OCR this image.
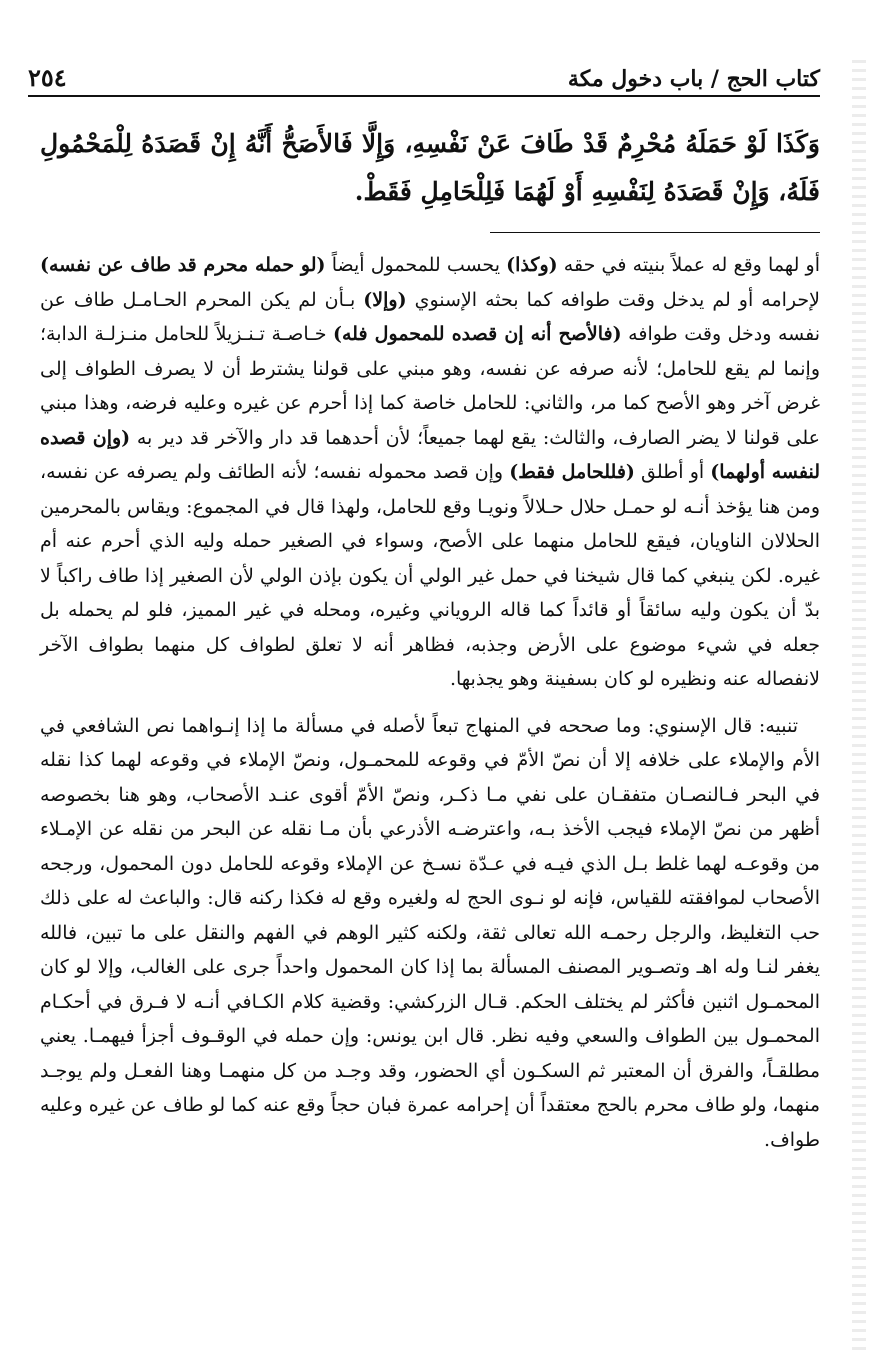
كتاب الحج / باب دخول مكة
٢٥٤
وَكَذَا لَوْ حَمَلَهُ مُحْرِمٌ قَدْ طَافَ عَنْ نَفْسِهِ، وَإِلَّا فَالأَصَحُّ أَنَّهُ إِنْ قَصَدَهُ لِلْمَحْمُولِ فَلَهُ، وَإِنْ قَصَدَهُ لِنَفْسِهِ أَوْ لَهُمَا فَلِلْحَامِلِ فَقَطْ.

أو لهما وقع له عملاً بنيته في حقه (وكذا) يحسب للمحمول أيضاً (لو حمله محرم قد طاف عن نفسه) لإحرامه أو لم يدخل وقت طوافه كما بحثه الإسنوي (وإلا) بـأن لم يكن المحرم الحـامـل طاف عن نفسه ودخل وقت طوافه (فالأصح أنه إن قصده للمحمول فله) خـاصـة تـنـزيلاً للحامل منـزلـة الدابة؛ وإنما لم يقع للحامل؛ لأنه صرفه عن نفسه، وهو مبني على قولنا يشترط أن لا يصرف الطواف إلى غرض آخر وهو الأصح كما مر، والثاني: للحامل خاصة كما إذا أحرم عن غيره وعليه فرضه، وهذا مبني على قولنا لا يضر الصارف، والثالث: يقع لهما جميعاً؛ لأن أحدهما قد دار والآخر قد دير به (وإن قصده لنفسه أولهما) أو أطلق (فللحامل فقط) وإن قصد محموله نفسه؛ لأنه الطائف ولم يصرفه عن نفسه، ومن هنا يؤخذ أنـه لو حمـل حلال حـلالاً ونويـا وقع للحامل، ولهذا قال في المجموع: ويقاس بالمحرمين الحلالان الناويان، فيقع للحامل منهما على الأصح، وسواء في الصغير حمله وليه الذي أحرم عنه أم غيره. لكن ينبغي كما قال شيخنا في حمل غير الولي أن يكون بإذن الولي لأن الصغير إذا طاف راكباً لا بدّ أن يكون وليه سائقاً أو قائداً كما قاله الروياني وغيره، ومحله في غير المميز، فلو لم يحمله بل جعله في شيء موضوع على الأرض وجذبه، فظاهر أنه لا تعلق لطواف كل منهما بطواف الآخر لانفصاله عنه ونظيره لو كان بسفينة وهو يجذبها.

تنبيه: قال الإسنوي: وما صححه في المنهاج تبعاً لأصله في مسألة ما إذا إنـواهما نص الشافعي في الأم والإملاء على خلافه إلا أن نصّ الأمّ في وقوعه للمحمـول، ونصّ الإملاء في وقوعه لهما كذا نقله في البحر فـالنصـان متفقـان على نفي مـا ذكـر، ونصّ الأمّ أقوى عنـد الأصحاب، وهو هنا بخصوصه أظهر من نصّ الإملاء فيجب الأخذ بـه، واعترضـه الأذرعي بأن مـا نقله عن البحر من نقله عن الإمـلاء من وقوعـه لهما غلط بـل الذي فيـه في عـدّة نسـخ عن الإملاء وقوعه للحامل دون المحمول، ورجحه الأصحاب لموافقته للقياس، فإنه لو نـوى الحج له ولغيره وقع له فكذا ركنه قال: والباعث له على ذلك حب التغليظ، والرجل رحمـه الله تعالى ثقة، ولكنه كثير الوهم في الفهم والنقل على ما تبين، فالله يغفر لنـا وله اهـ وتصـوير المصنف المسألة بما إذا كان المحمول واحداً جرى على الغالب، وإلا لو كان المحمـول اثنين فأكثر لم يختلف الحكم. قـال الزركشي: وقضية كلام الكـافي أنـه لا فـرق في أحكـام المحمـول بين الطواف والسعي وفيه نظر. قال ابن يونس: وإن حمله في الوقـوف أجزأ فيهمـا. يعني مطلقـاً، والفرق أن المعتبر ثم السكـون أي الحضور، وقد وجـد من كل منهمـا وهنا الفعـل ولم يوجـد منهما، ولو طاف محرم بالحج معتقداً أن إحرامه عمرة فبان حجاً وقع عنه كما لو طاف عن غيره وعليه طواف.
